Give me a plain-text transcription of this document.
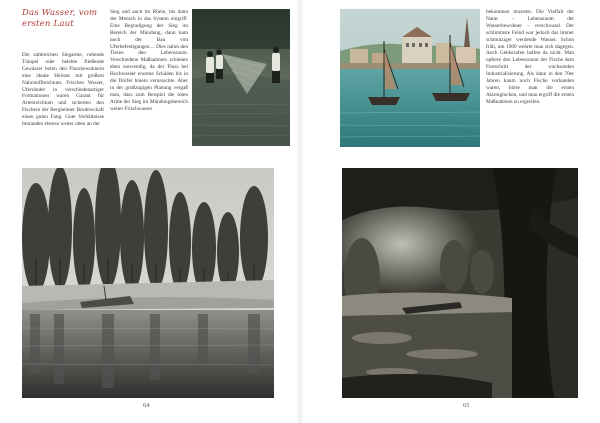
Das Wasser, vom ersten Laut

Die zahlreichen Siegarme, ruhende Tümpel oder belebte fließende Gewässer boten den Flussbewohnern eine ideale Heimat mit großem Nahrstoffreichtum. Frisches Wasser, Uferränder in verschiedenartiger Formationen waren Garant für Artenreichtum und sicherten den Fischern der Bergheimer Bruderschaft einen guten Fang. Gute Verhältnisse bestanden ebenso weiter oben an der

Sieg und auch im Rhein, bis dann der Mensch in das System eingriff. Eine Begradigung der Sieg im Bereich der Mündung, dann kam noch der Bau von Uferbefestigungen.... Dies nahm den Tieren den Lebensraum. Verschiedene Maßnahmen schienen eben notwendig, da der Fluss bei Hochwasser enorme Schäden bis in die Dörfer hinein verursachte. Aber in der großzügigen Planung vergaß man, dass zum Beispiel die toten Arme der Sieg im Mündungsbereich weiter Frischwasser

64

bekommen mussten. Die Vielfalt der Natur – Lebensraum der Wasserbewohner – verschwand. Der schlimmste Feind war jedoch das immer schmutziger werdende Wasser. Schon früh, um 1900 wehrte man sich dagegen. Auch Geldstrafen halfen da nicht. Man opferte den Lebensraum der Fische dem Fortschritt der wachsenden Industrialisierung. Als dann in den 70er Jahren kaum noch Fische vorhanden waren, hörte man die ersten Alarmglocken, und man ergriff die ersten Maßnahmen zu ergreifen.

65
